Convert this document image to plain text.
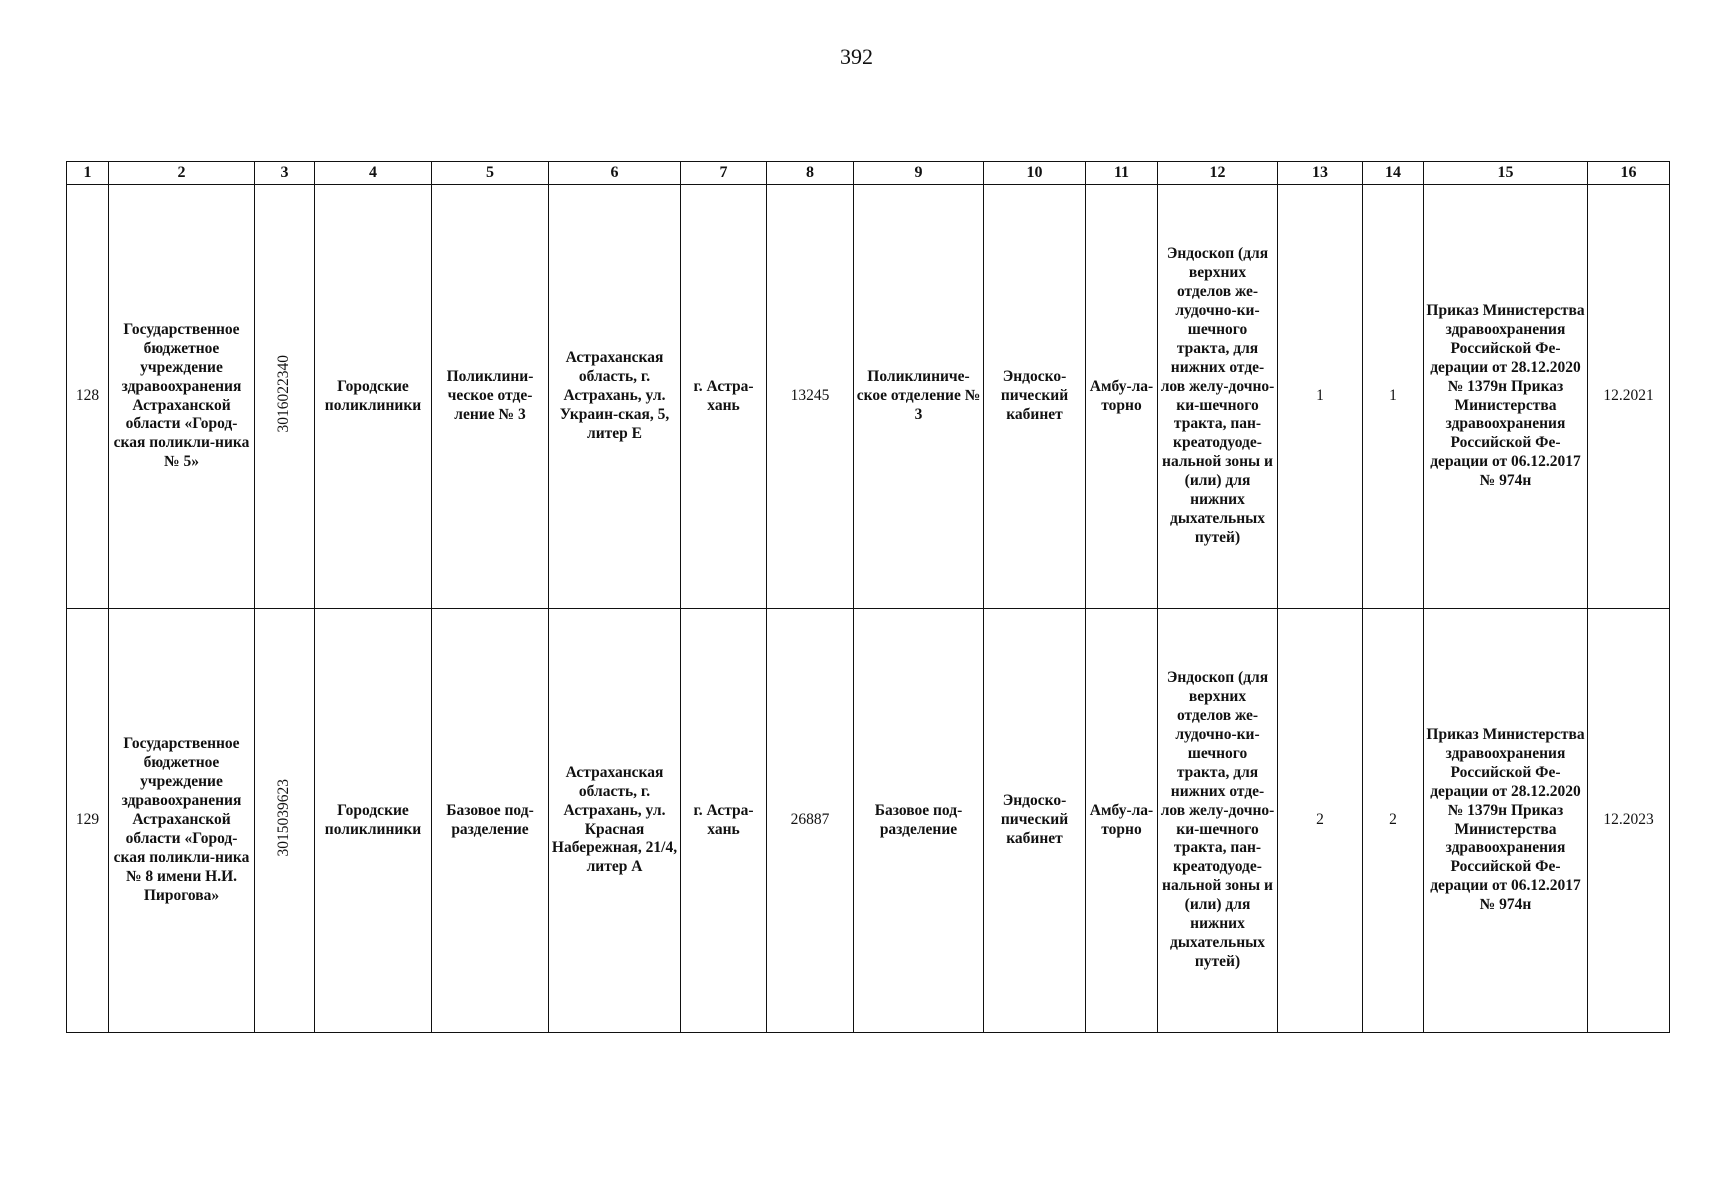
392
1	2	3	4	5	6	7	8	9	10	11	12	13	14	15	16
128	Государственное бюджетное учреждение здравоохранения Астраханской области «Город-ская поликли-ника № 5»	3016022340	Городские поликлиники	Поликлини-ческое отде-ление № 3	Астраханская область, г. Астрахань, ул. Украин-ская, 5, литер Е	г. Астра-хань	13245	Поликлиниче-ское отделение № 3	Эндоско-пический кабинет	Амбу-ла-торно	Эндоскоп (для верхних отделов же-лудочно-ки-шечного тракта, для нижних отде-лов желу-дочно-ки-шечного тракта, пан-креатодуоде-нальной зоны и (или) для нижних дыхательных путей)	1	1	Приказ Министерства здравоохранения Российской Фе-дерации от 28.12.2020 № 1379н Приказ Министерства здравоохранения Российской Фе-дерации от 06.12.2017 № 974н	12.2021
129	Государственное бюджетное учреждение здравоохранения Астраханской области «Город-ская поликли-ника № 8 имени Н.И. Пирогова»	3015039623	Городские поликлиники	Базовое под-разделение	Астраханская область, г. Астрахань, ул. Красная Набережная, 21/4, литер А	г. Астра-хань	26887	Базовое под-разделение	Эндоско-пический кабинет	Амбу-ла-торно	Эндоскоп (для верхних отделов же-лудочно-ки-шечного тракта, для нижних отде-лов желу-дочно-ки-шечного тракта, пан-креатодуоде-нальной зоны и (или) для нижних дыхательных путей)	2	2	Приказ Министерства здравоохранения Российской Фе-дерации от 28.12.2020 № 1379н Приказ Министерства здравоохранения Российской Фе-дерации от 06.12.2017 № 974н	12.2023
